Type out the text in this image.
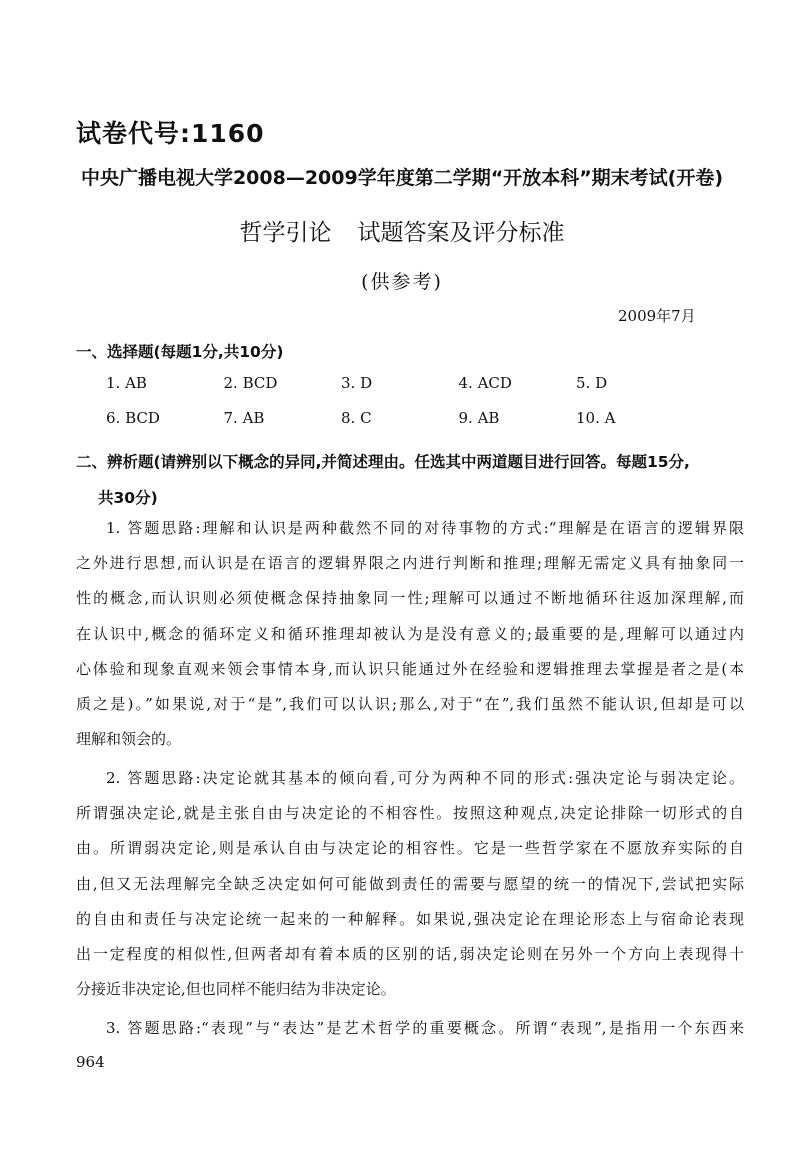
试卷代号:1160
中央广播电视大学2008—2009学年度第二学期“开放本科”期末考试(开卷)
哲学引论 试题答案及评分标准
(供参考)
2009年7月
一、选择题(每题1分,共10分)
1. AB	2. BCD	3. D	4. ACD	5. D
6. BCD	7. AB	8. C	9. AB	10. A
二、辨析题(请辨别以下概念的异同,并简述理由。任选其中两道题目进行回答。每题15分,
共30分)
1. 答题思路:理解和认识是两种截然不同的对待事物的方式:“理解是在语言的逻辑界限
之外进行思想,而认识是在语言的逻辑界限之内进行判断和推理;理解无需定义具有抽象同一
性的概念,而认识则必须使概念保持抽象同一性;理解可以通过不断地循环往返加深理解,而
在认识中,概念的循环定义和循环推理却被认为是没有意义的;最重要的是,理解可以通过内
心体验和现象直观来领会事情本身,而认识只能通过外在经验和逻辑推理去掌握是者之是(本
质之是)。”如果说,对于“是”,我们可以认识;那么,对于“在”,我们虽然不能认识,但却是可以
理解和领会的。
2. 答题思路:决定论就其基本的倾向看,可分为两种不同的形式:强决定论与弱决定论。
所谓强决定论,就是主张自由与决定论的不相容性。按照这种观点,决定论排除一切形式的自
由。所谓弱决定论,则是承认自由与决定论的相容性。它是一些哲学家在不愿放弃实际的自
由,但又无法理解完全缺乏决定如何可能做到责任的需要与愿望的统一的情况下,尝试把实际
的自由和责任与决定论统一起来的一种解释。如果说,强决定论在理论形态上与宿命论表现
出一定程度的相似性,但两者却有着本质的区别的话,弱决定论则在另外一个方向上表现得十
分接近非决定论,但也同样不能归结为非决定论。
3. 答题思路:“表现”与“表达”是艺术哲学的重要概念。所谓“表现”,是指用一个东西来
964
